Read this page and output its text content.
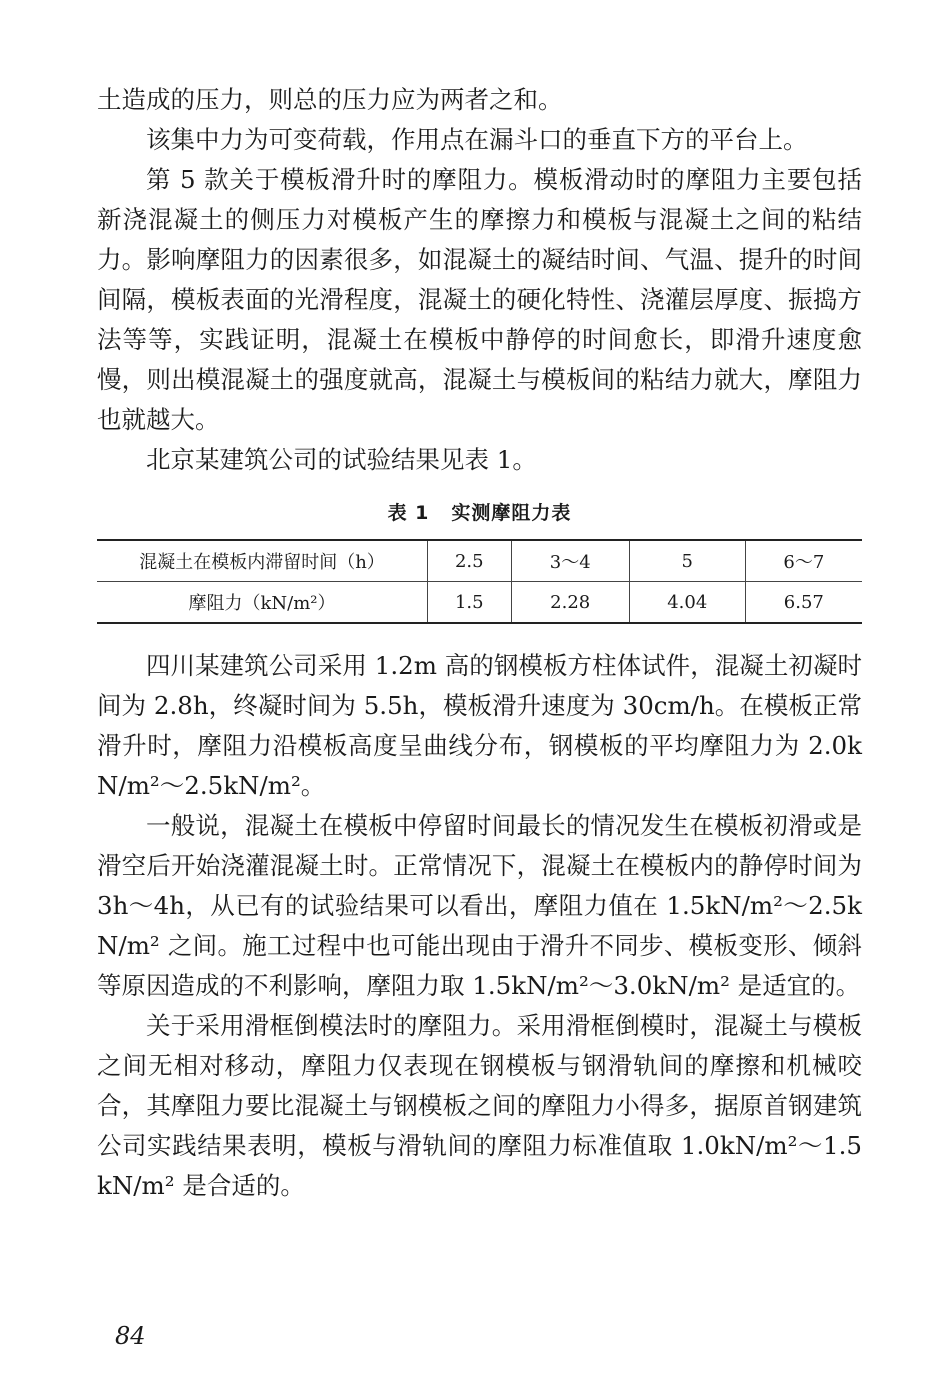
土造成的压力，则总的压力应为两者之和。

该集中力为可变荷载，作用点在漏斗口的垂直下方的平台上。

第 5 款关于模板滑升时的摩阻力。模板滑动时的摩阻力主要包括新浇混凝土的侧压力对模板产生的摩擦力和模板与混凝土之间的粘结力。影响摩阻力的因素很多，如混凝土的凝结时间、气温、提升的时间间隔，模板表面的光滑程度，混凝土的硬化特性、浇灌层厚度、振捣方法等等，实践证明，混凝土在模板中静停的时间愈长，即滑升速度愈慢，则出模混凝土的强度就高，混凝土与模板间的粘结力就大，摩阻力也就越大。

北京某建筑公司的试验结果见表 1。

表 1 实测摩阻力表
混凝土在模板内滞留时间（h）	2.5	3～4	5	6～7
摩阻力（kN/m²）	1.5	2.28	4.04	6.57

四川某建筑公司采用 1.2m 高的钢模板方柱体试件，混凝土初凝时间为 2.8h，终凝时间为 5.5h，模板滑升速度为 30cm/h。在模板正常滑升时，摩阻力沿模板高度呈曲线分布，钢模板的平均摩阻力为 2.0kN/m²～2.5kN/m²。

一般说，混凝土在模板中停留时间最长的情况发生在模板初滑或是滑空后开始浇灌混凝土时。正常情况下，混凝土在模板内的静停时间为 3h～4h，从已有的试验结果可以看出，摩阻力值在 1.5kN/m²～2.5kN/m² 之间。施工过程中也可能出现由于滑升不同步、模板变形、倾斜等原因造成的不利影响，摩阻力取 1.5kN/m²～3.0kN/m² 是适宜的。

关于采用滑框倒模法时的摩阻力。采用滑框倒模时，混凝土与模板之间无相对移动，摩阻力仅表现在钢模板与钢滑轨间的摩擦和机械咬合，其摩阻力要比混凝土与钢模板之间的摩阻力小得多，据原首钢建筑公司实践结果表明，模板与滑轨间的摩阻力标准值取 1.0kN/m²～1.5kN/m² 是合适的。

84
